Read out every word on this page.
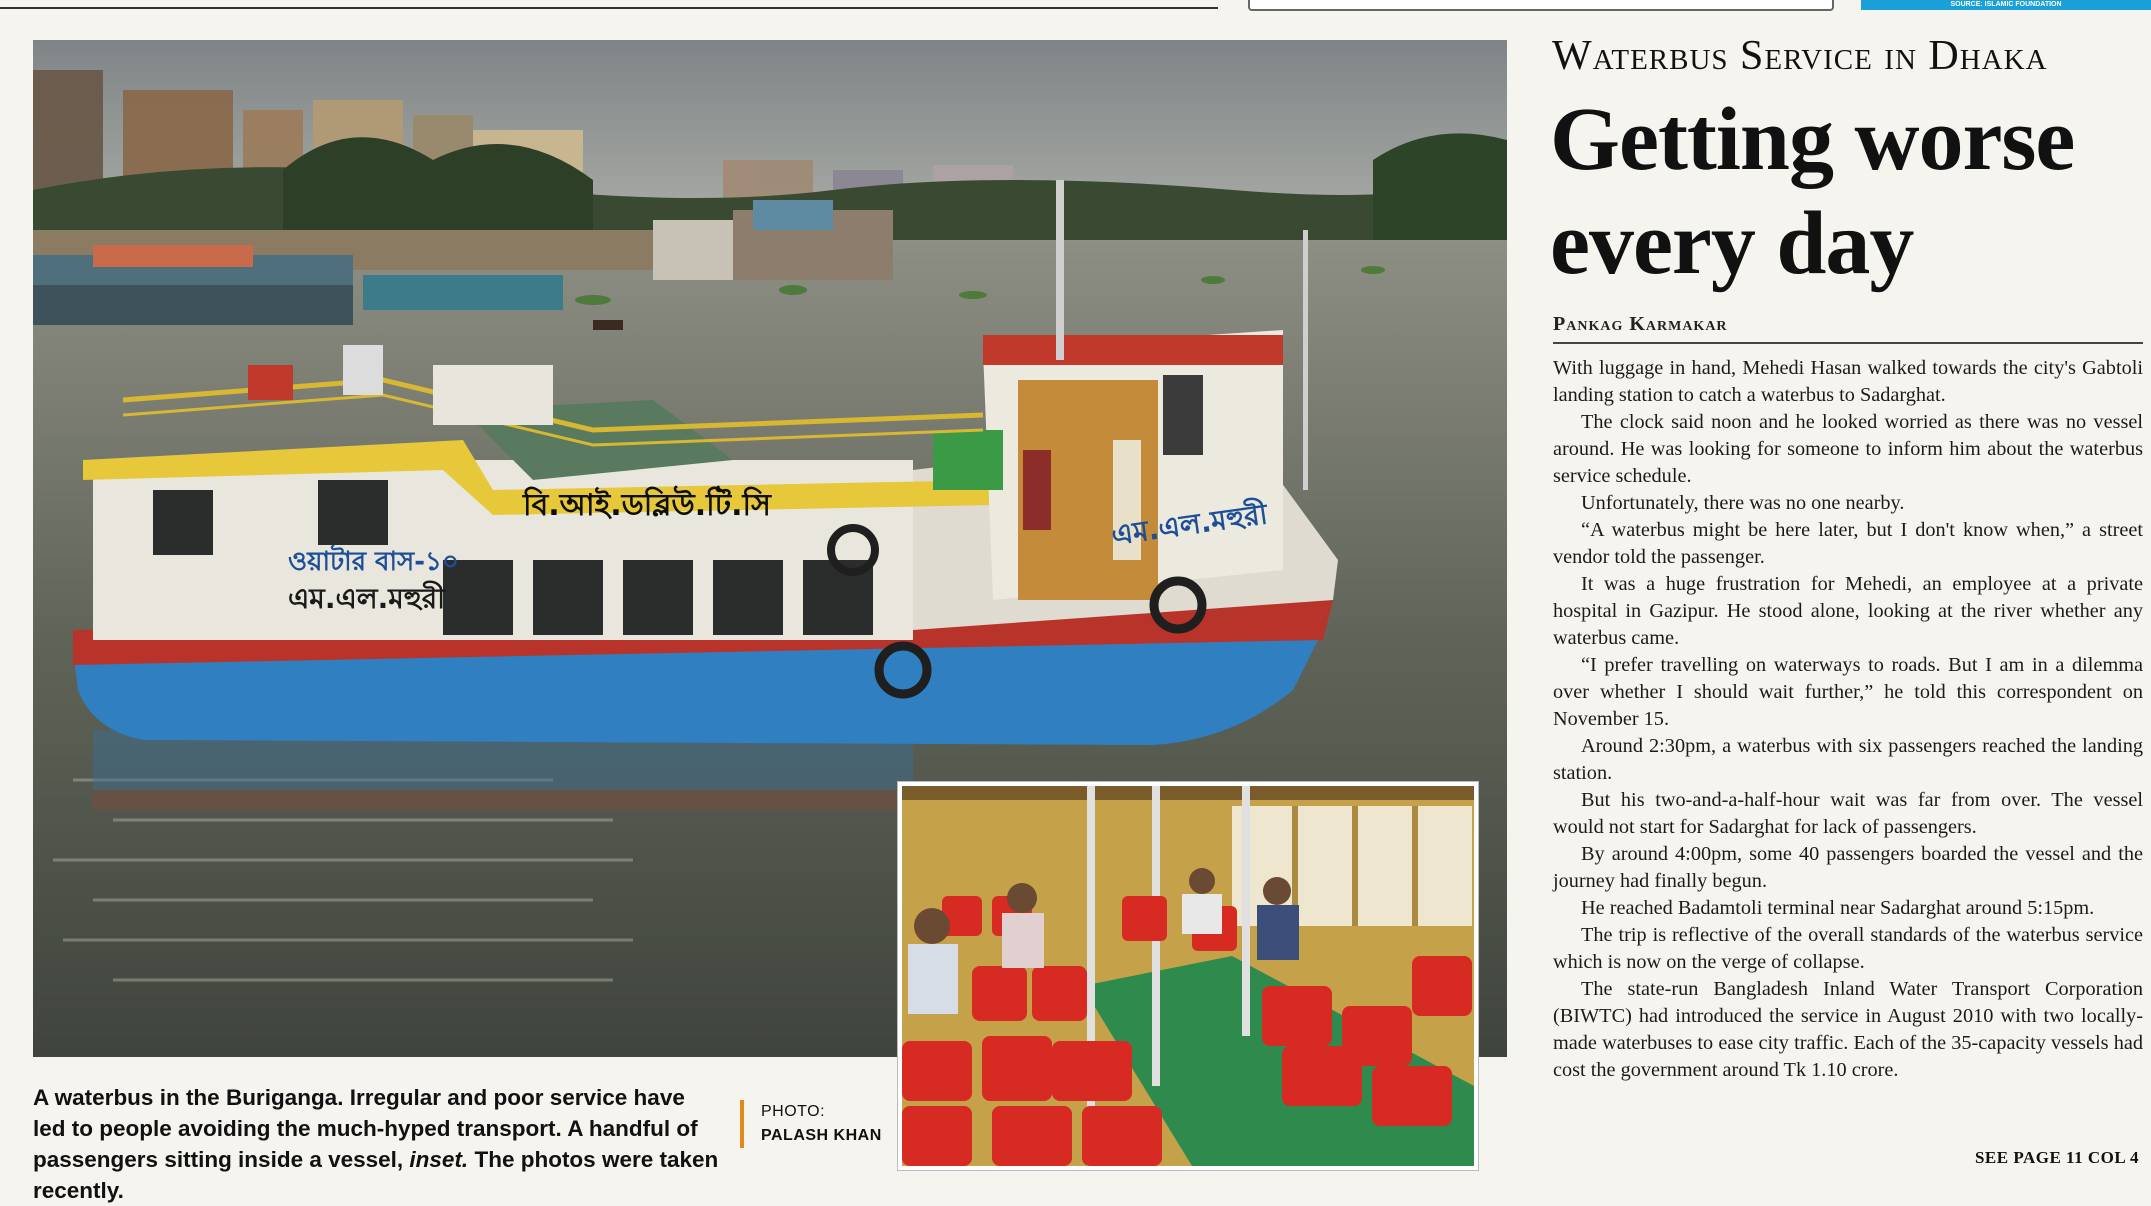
SOURCE: ISLAMIC FOUNDATION
বি.আই.ডব্লিউ.টি.সি
ওয়াটার বাস-১০
এম.এল.মহুরী
এম.এল.মহুরী
A waterbus in the Buriganga. Irregular and poor service have led to people avoiding the much-hyped transport. A handful of passengers sitting inside a vessel, inset. The photos were taken recently.
PHOTO:
PALASH KHAN
Waterbus Service in Dhaka
Getting worse every day
Pankag Karmakar

With luggage in hand, Mehedi Hasan walked towards the city's Gabtoli landing station to catch a waterbus to Sadarghat.

The clock said noon and he looked worried as there was no vessel around. He was looking for someone to inform him about the waterbus service schedule.

Unfortunately, there was no one nearby.

“A waterbus might be here later, but I don't know when,” a street vendor told the passenger.

It was a huge frustration for Mehedi, an employee at a private hospital in Gazipur. He stood alone, looking at the river whether any waterbus came.

“I prefer travelling on waterways to roads. But I am in a dilemma over whether I should wait further,” he told this correspondent on November 15.

Around 2:30pm, a waterbus with six passengers reached the landing station.

But his two-and-a-half-hour wait was far from over. The vessel would not start for Sadarghat for lack of passengers.

By around 4:00pm, some 40 passengers boarded the vessel and the journey had finally begun.

He reached Badamtoli terminal near Sadarghat around 5:15pm.

The trip is reflective of the overall standards of the waterbus service which is now on the verge of collapse.

The state-run Bangladesh Inland Water Transport Corporation (BIWTC) had introduced the service in August 2010 with two locally-made waterbuses to ease city traffic. Each of the 35-capacity vessels had cost the government around Tk 1.10 crore.

SEE PAGE 11 COL 4
